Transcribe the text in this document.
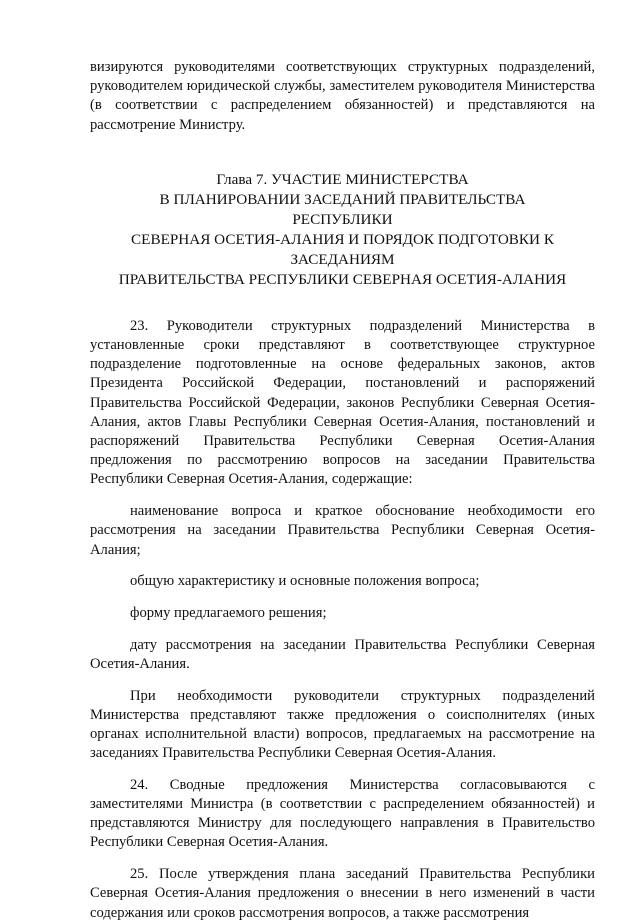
визируются руководителями соответствующих структурных подразделений, руководителем юридической службы, заместителем руководителя Министерства (в соответствии с распределением обязанностей) и представляются на рассмотрение Министру.

Глава 7. УЧАСТИЕ МИНИСТЕРСТВА
В ПЛАНИРОВАНИИ ЗАСЕДАНИЙ ПРАВИТЕЛЬСТВА
РЕСПУБЛИКИ
СЕВЕРНАЯ ОСЕТИЯ-АЛАНИЯ И ПОРЯДОК ПОДГОТОВКИ К
ЗАСЕДАНИЯМ
ПРАВИТЕЛЬСТВА РЕСПУБЛИКИ СЕВЕРНАЯ ОСЕТИЯ-АЛАНИЯ

23. Руководители структурных подразделений Министерства в установленные сроки представляют в соответствующее структурное подразделение подготовленные на основе федеральных законов, актов Президента Российской Федерации, постановлений и распоряжений Правительства Российской Федерации, законов Республики Северная Осетия-Алания, актов Главы Республики Северная Осетия-Алания, постановлений и распоряжений Правительства Республики Северная Осетия-Алания предложения по рассмотрению вопросов на заседании Правительства Республики Северная Осетия-Алания, содержащие:

наименование вопроса и краткое обоснование необходимости его рассмотрения на заседании Правительства Республики Северная Осетия-Алания;

общую характеристику и основные положения вопроса;

форму предлагаемого решения;

дату рассмотрения на заседании Правительства Республики Северная Осетия-Алания.

При необходимости руководители структурных подразделений Министерства представляют также предложения о соисполнителях (иных органах исполнительной власти) вопросов, предлагаемых на рассмотрение на заседаниях Правительства Республики Северная Осетия-Алания.

24. Сводные предложения Министерства согласовываются с заместителями Министра (в соответствии с распределением обязанностей) и представляются Министру для последующего направления в Правительство Республики Северная Осетия-Алания.

25. После утверждения плана заседаний Правительства Республики Северная Осетия-Алания предложения о внесении в него изменений в части содержания или сроков рассмотрения вопросов, а также рассмотрения
